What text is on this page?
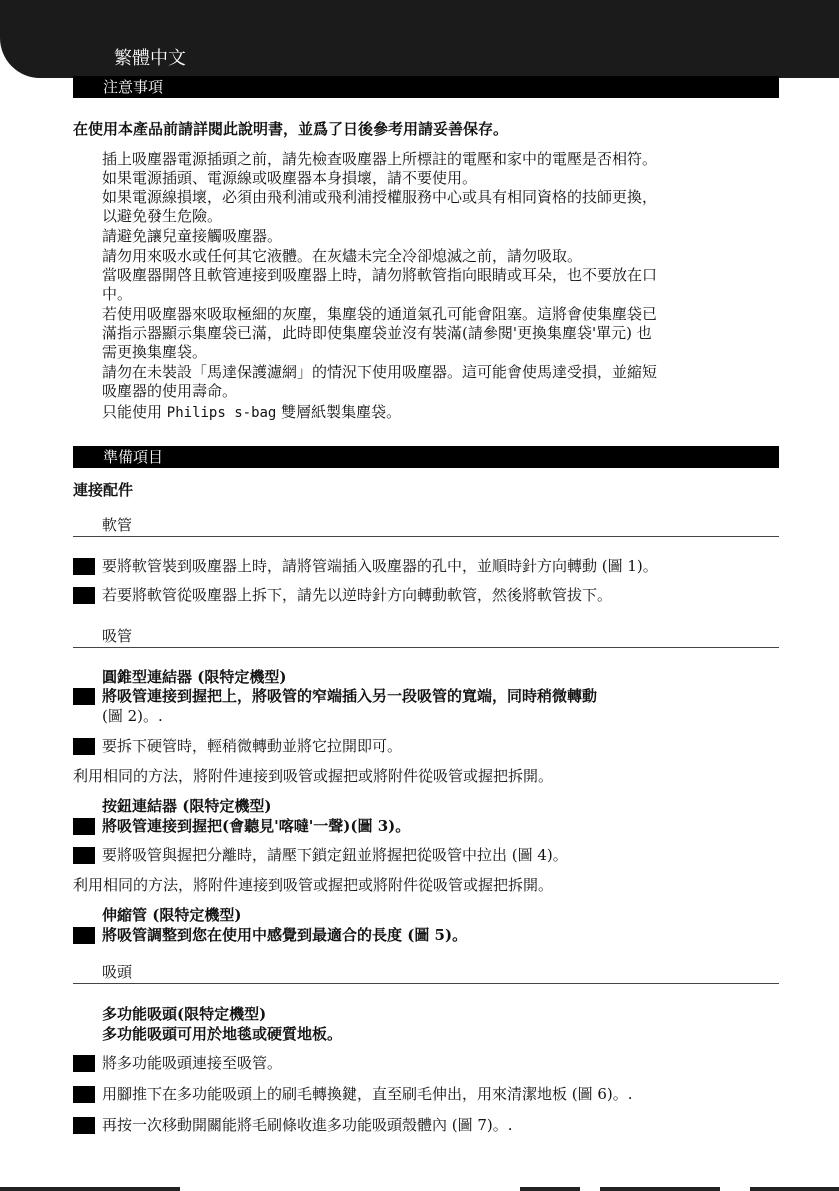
繁體中文
注意事項
在使用本產品前請詳閱此說明書，並爲了日後參考用請妥善保存。
插上吸塵器電源插頭之前，請先檢查吸塵器上所標註的電壓和家中的電壓是否相符。
如果電源插頭、電源線或吸塵器本身損壞，請不要使用。
如果電源線損壞，必須由飛利浦或飛利浦授權服務中心或具有相同資格的技師更換，
以避免發生危險。
請避免讓兒童接觸吸塵器。
請勿用來吸水或任何其它液體。在灰燼未完全冷卻熄滅之前，請勿吸取。
當吸塵器開啓且軟管連接到吸塵器上時，請勿將軟管指向眼睛或耳朵，也不要放在口
中。
若使用吸塵器來吸取極細的灰塵，集塵袋的通道氣孔可能會阻塞。這將會使集塵袋已
滿指示器顯示集塵袋已滿，此時即使集塵袋並沒有裝滿(請參閱'更換集塵袋'單元) 也
需更換集塵袋。
請勿在未裝設「馬達保護濾網」的情況下使用吸塵器。這可能會使馬達受損，並縮短
吸塵器的使用壽命。
只能使用 Philips s-bag 雙層紙製集塵袋。
準備項目
連接配件
軟管
要將軟管裝到吸塵器上時，請將管端插入吸塵器的孔中，並順時針方向轉動 (圖 1)。
若要將軟管從吸塵器上拆下，請先以逆時針方向轉動軟管，然後將軟管拔下。
吸管
圓錐型連結器 (限特定機型)
將吸管連接到握把上，將吸管的窄端插入另一段吸管的寬端，同時稍微轉動
(圖 2)。.
要拆下硬管時，輕稍微轉動並將它拉開即可。
利用相同的方法，將附件連接到吸管或握把或將附件從吸管或握把拆開。
按鈕連結器 (限特定機型)
將吸管連接到握把(會聽見'喀噠'一聲)(圖 3)。
要將吸管與握把分離時，請壓下鎖定鈕並將握把從吸管中拉出 (圖 4)。
利用相同的方法，將附件連接到吸管或握把或將附件從吸管或握把拆開。
伸縮管 (限特定機型)
將吸管調整到您在使用中感覺到最適合的長度 (圖 5)。
吸頭
多功能吸頭(限特定機型)
多功能吸頭可用於地毯或硬質地板。
將多功能吸頭連接至吸管。
用腳推下在多功能吸頭上的刷毛轉換鍵，直至刷毛伸出，用來清潔地板 (圖 6)。.
再按一次移動開關能將毛刷條收進多功能吸頭殼體內 (圖 7)。.
